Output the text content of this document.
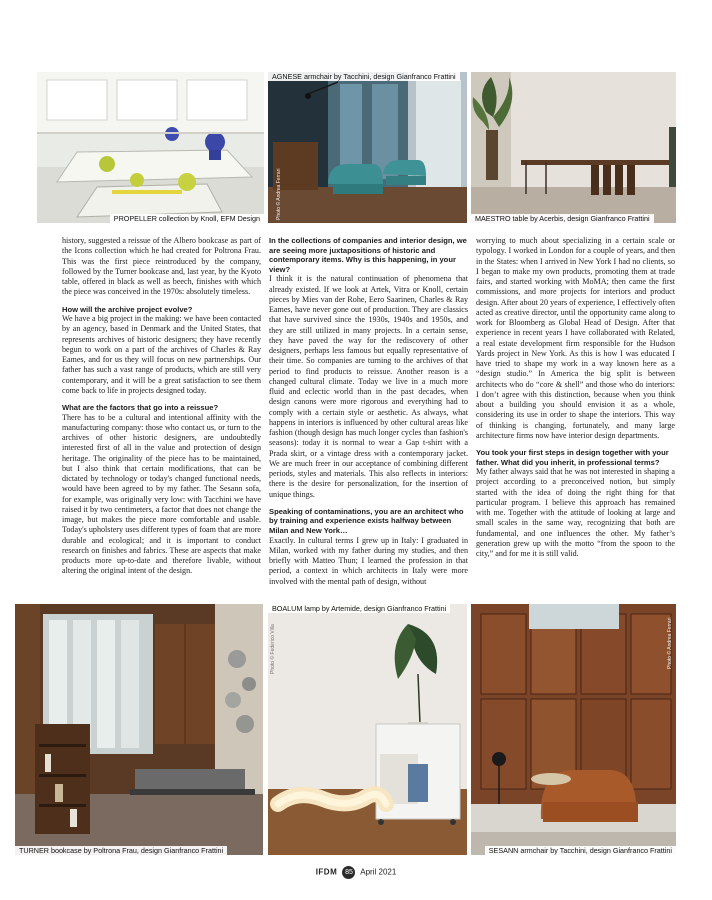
PROPELLER collection by Knoll, EFM Design
AGNESE armchair by Tacchini, design Gianfranco Frattini
Photo © Andrea Ferrari	MAESTRO table by Acerbis, design Gianfranco Frattini

history, suggested a reissue of the Albero bookcase as part of the Icons collection which he had created for Poltrona Frau. This was the first piece reintroduced by the company, followed by the Turner bookcase and, last year, by the Kyoto table, offered in black as well as beech, finishes with which the piece was conceived in the 1970s: absolutely timeless.

How will the archive project evolve?

We have a big project in the making: we have been contacted by an agency, based in Denmark and the United States, that represents archives of historic designers; they have recently begun to work on a part of the archives of Charles & Ray Eames, and for us they will focus on new partnerships. Our father has such a vast range of products, which are still very contemporary, and it will be a great satisfaction to see them come back to life in projects designed today.

What are the factors that go into a reissue?

There has to be a cultural and intentional affinity with the manufacturing company: those who contact us, or turn to the archives of other historic designers, are undoubtedly interested first of all in the value and protection of design heritage. The originality of the piece has to be maintained, but I also think that certain modifications, that can be dictated by technology or today's changed functional needs, would have been agreed to by my father. The Sesann sofa, for example, was originally very low: with Tacchini we have raised it by two centimeters, a factor that does not change the image, but makes the piece more comfortable and usable. Today's upholstery uses different types of foam that are more durable and ecological; and it is important to conduct research on finishes and fabrics. These are aspects that make products more up-to-date and therefore livable, without altering the original intent of the design.

In the collections of companies and interior design, we are seeing more juxtapositions of historic and contemporary items. Why is this happening, in your view?

I think it is the natural continuation of phenomena that already existed. If we look at Artek, Vitra or Knoll, certain pieces by Mies van der Rohe, Eero Saarinen, Charles & Ray Eames, have never gone out of production. They are classics that have survived since the 1930s, 1940s and 1950s, and they are still utilized in many projects. In a certain sense, they have paved the way for the rediscovery of other designers, perhaps less famous but equally representative of their time. So companies are turning to the archives of that period to find products to reissue. Another reason is a changed cultural climate. Today we live in a much more fluid and eclectic world than in the past decades, when design canons were more rigorous and everything had to comply with a certain style or aesthetic. As always, what happens in interiors is influenced by other cultural areas like fashion (though design has much longer cycles than fashion's seasons): today it is normal to wear a Gap t-shirt with a Prada skirt, or a vintage dress with a contemporary jacket. We are much freer in our acceptance of combining different periods, styles and materials. This also reflects in interiors: there is the desire for personalization, for the insertion of unique things.

Speaking of contaminations, you are an architect who by training and experience exists halfway between Milan and New York…

Exactly. In cultural terms I grew up in Italy: I graduated in Milan, worked with my father during my studies, and then briefly with Matteo Thun; I learned the profession in that period, a context in which architects in Italy were more involved with the mental path of design, without

worrying to much about specializing in a certain scale or typology. I worked in London for a couple of years, and then in the States: when I arrived in New York I had no clients, so I began to make my own products, promoting them at trade fairs, and started working with MoMA; then came the first commissions, and more projects for interiors and product design. After about 20 years of experience, I effectively often acted as creative director, until the opportunity came along to work for Bloomberg as Global Head of Design. After that experience in recent years I have collaborated with Related, a real estate development firm responsible for the Hudson Yards project in New York. As this is how I was educated I have tried to shape my work in a way known here as a “design studio.” In America the big split is between architects who do “core & shell” and those who do interiors: I don’t agree with this distinction, because when you think about a building you should envision it as a whole, considering its use in order to shape the interiors. This way of thinking is changing, fortunately, and many large architecture firms now have interior design departments.

You took your first steps in design together with your father. What did you inherit, in professional terms?

My father always said that he was not interested in shaping a project according to a preconceived notion, but simply started with the idea of doing the right thing for that particular program. I believe this approach has remained with me. Together with the attitude of looking at large and small scales in the same way, recognizing that both are fundamental, and one influences the other. My father’s generation grew up with the motto “from the spoon to the city,” and for me it is still valid.

TURNER bookcase by Poltrona Frau, design Gianfranco Frattini
BOALUM lamp by Artemide, design Gianfranco Frattini
Photo © Federico Villa
SESANN armchair by Tacchini, design Gianfranco Frattini
Photo © Andrea Ferrari
IFDM 85 April 2021
